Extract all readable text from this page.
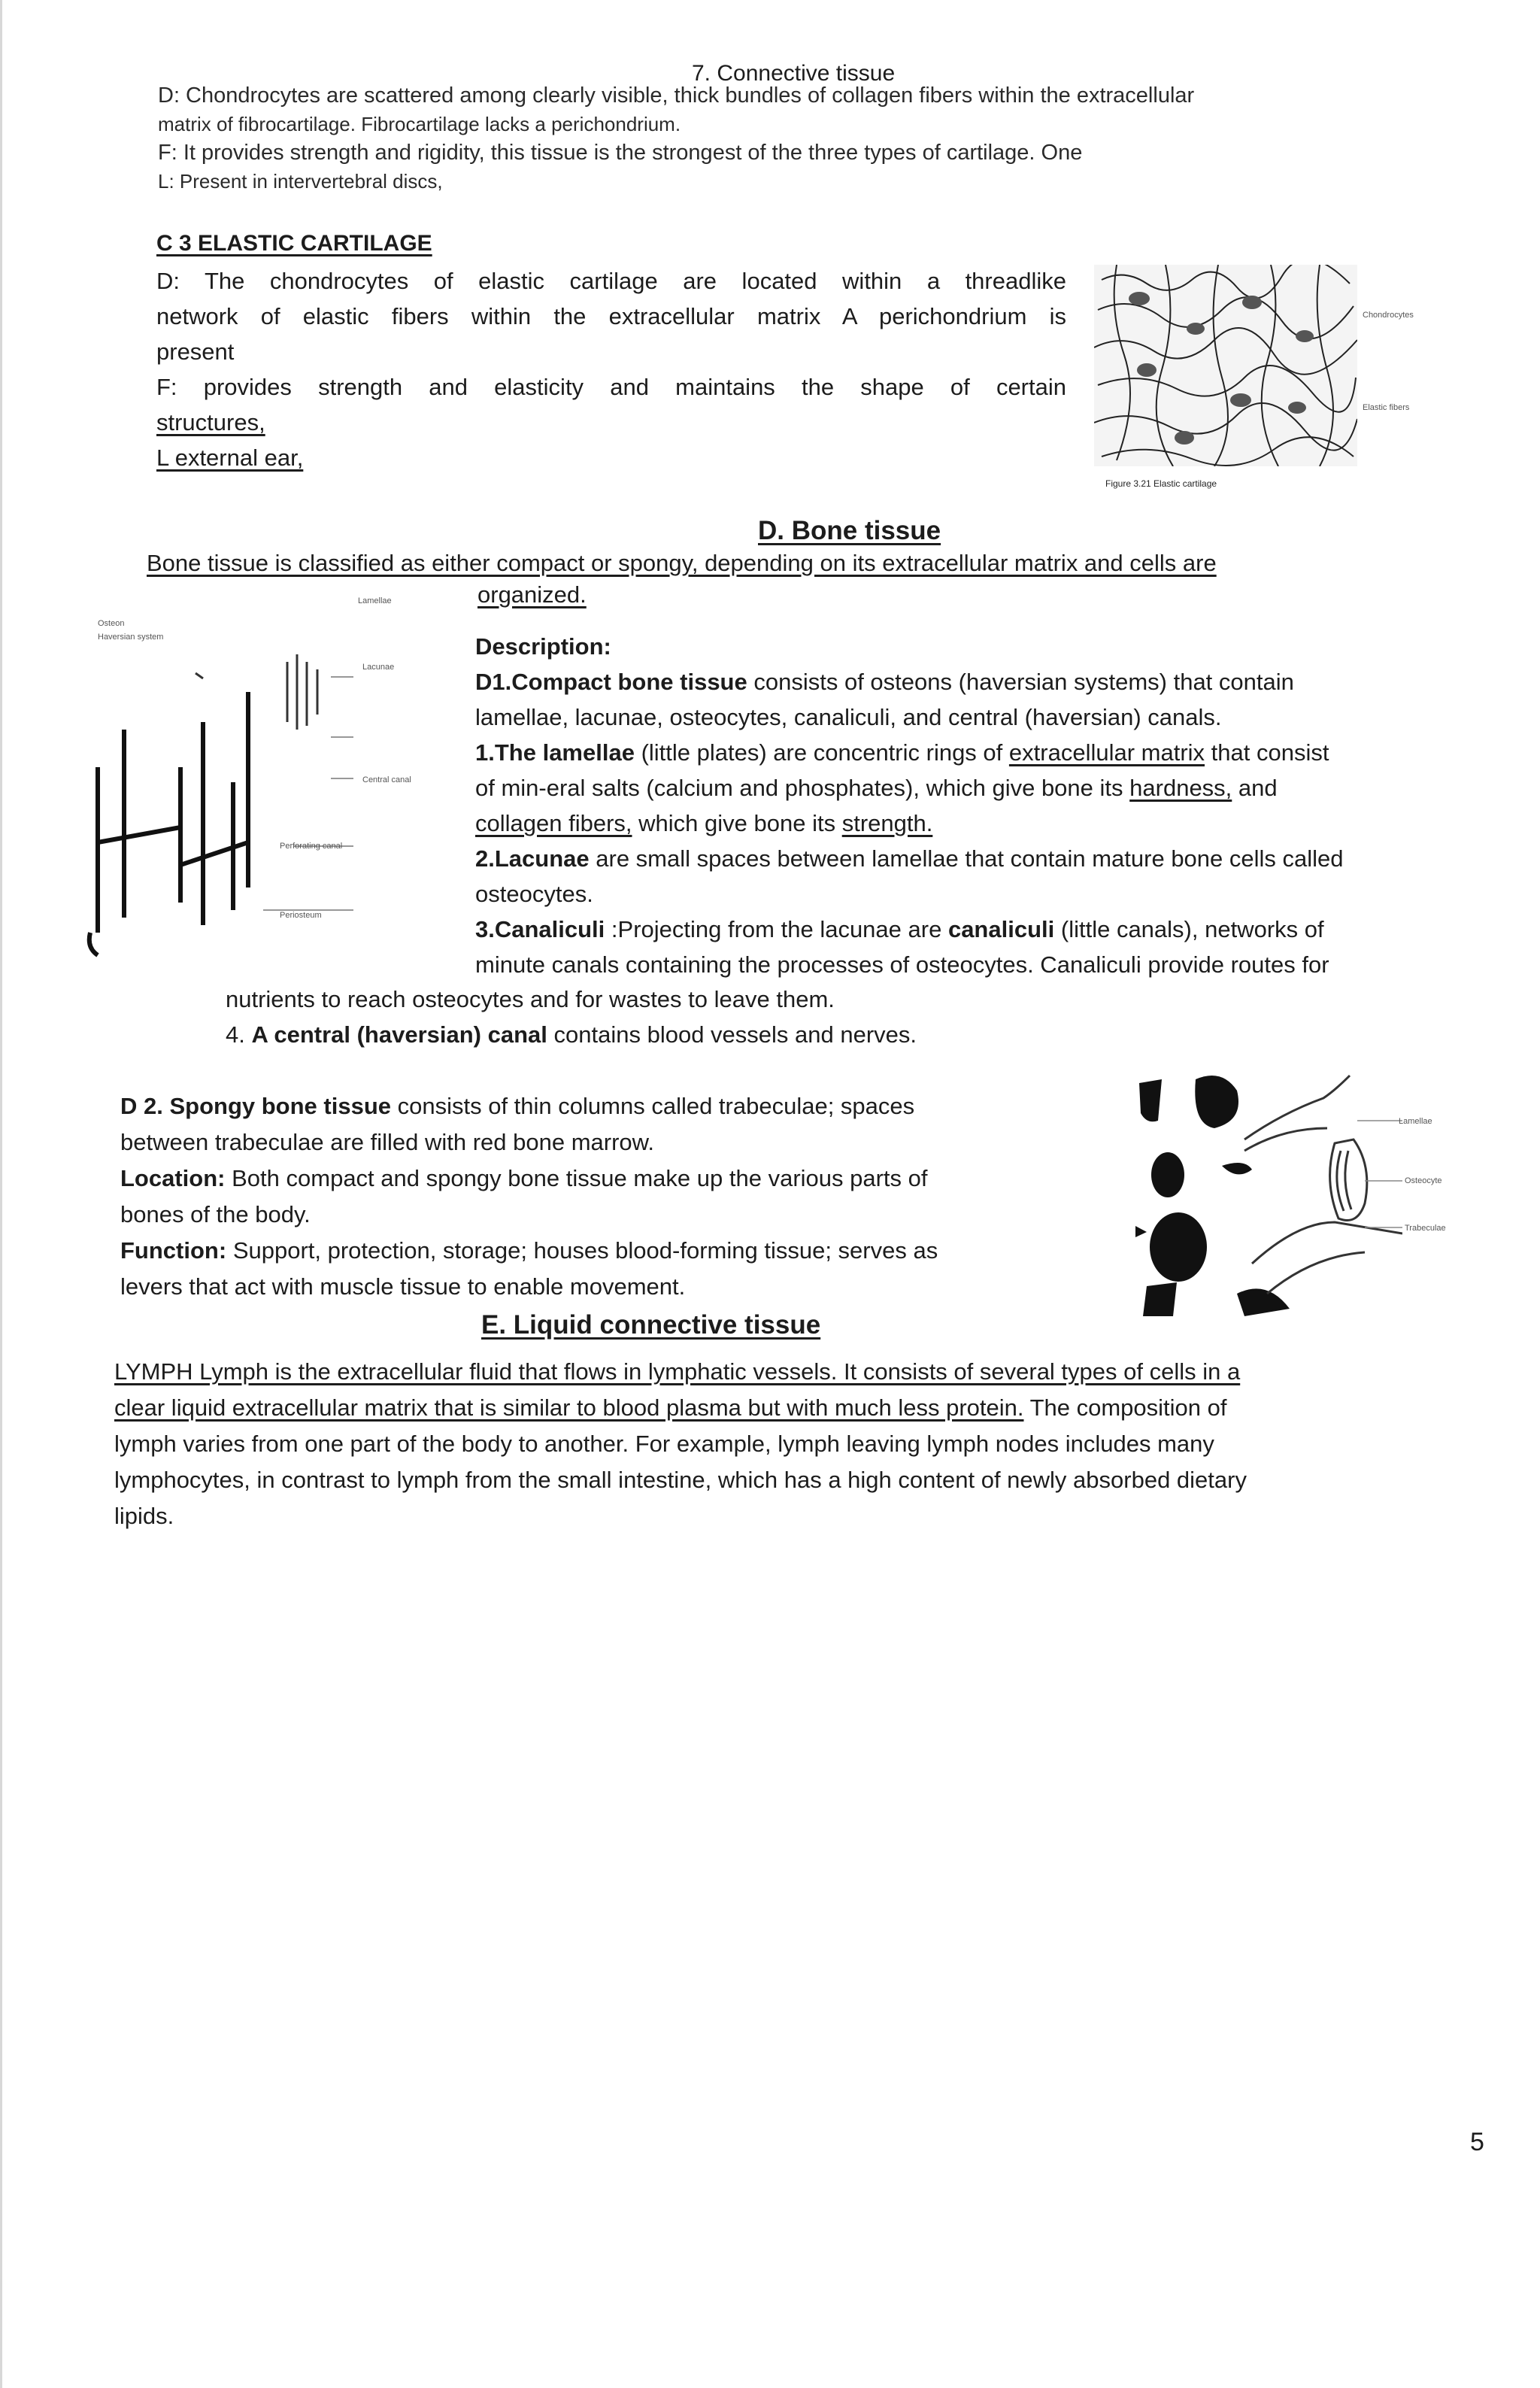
7. Connective tissue
D: Chondrocytes are scattered among clearly visible, thick bundles of collagen fibers within the extracellular
matrix of fibrocartilage. Fibrocartilage lacks a perichondrium.
F: It provides strength and rigidity, this tissue is the strongest of the three types of cartilage. One
L: Present in intervertebral discs,
C 3 ELASTIC CARTILAGE
D: The chondrocytes of elastic cartilage are located within a threadlike
network of elastic fibers within the extracellular matrix A perichondrium is
present
F: provides strength and elasticity and maintains the shape of certain
structures,
L external ear,
Chondrocytes
Elastic fibers
Figure 3.21 Elastic cartilage
D. Bone tissue
Bone tissue is classified as either compact or spongy, depending on its extracellular matrix and cells are
organized.
Osteon
Haversian system
Lamellae
Lacunae
Central canal
Perforating canal
Periosteum
Description:
D1.Compact bone tissue consists of osteons (haversian systems) that contain
lamellae, lacunae, osteocytes, canaliculi, and central (haversian) canals.
1.The lamellae (little plates) are concentric rings of extracellular matrix that consist
of min-eral salts (calcium and phosphates), which give bone its hardness, and
collagen fibers, which give bone its strength.
2.Lacunae are small spaces between lamellae that contain mature bone cells called
osteocytes.
3.Canaliculi :Projecting from the lacunae are canaliculi (little canals), networks of
minute canals containing the processes of osteocytes. Canaliculi provide routes for
nutrients to reach osteocytes and for wastes to leave them.
4. A central (haversian) canal contains blood vessels and nerves.
D 2. Spongy bone tissue consists of thin columns called trabeculae; spaces
between trabeculae are filled with red bone marrow.
Location: Both compact and spongy bone tissue make up the various parts of
bones of the body.
Function: Support, protection, storage; houses blood-forming tissue; serves as
levers that act with muscle tissue to enable movement.
Lamellae
Osteocyte
Trabeculae
E. Liquid connective tissue
LYMPH Lymph is the extracellular fluid that flows in lymphatic vessels. It consists of several types of cells in a
clear liquid extracellular matrix that is similar to blood plasma but with much less protein. The composition of
lymph varies from one part of the body to another. For example, lymph leaving lymph nodes includes many
lymphocytes, in contrast to lymph from the small intestine, which has a high content of newly absorbed dietary
lipids.
5
